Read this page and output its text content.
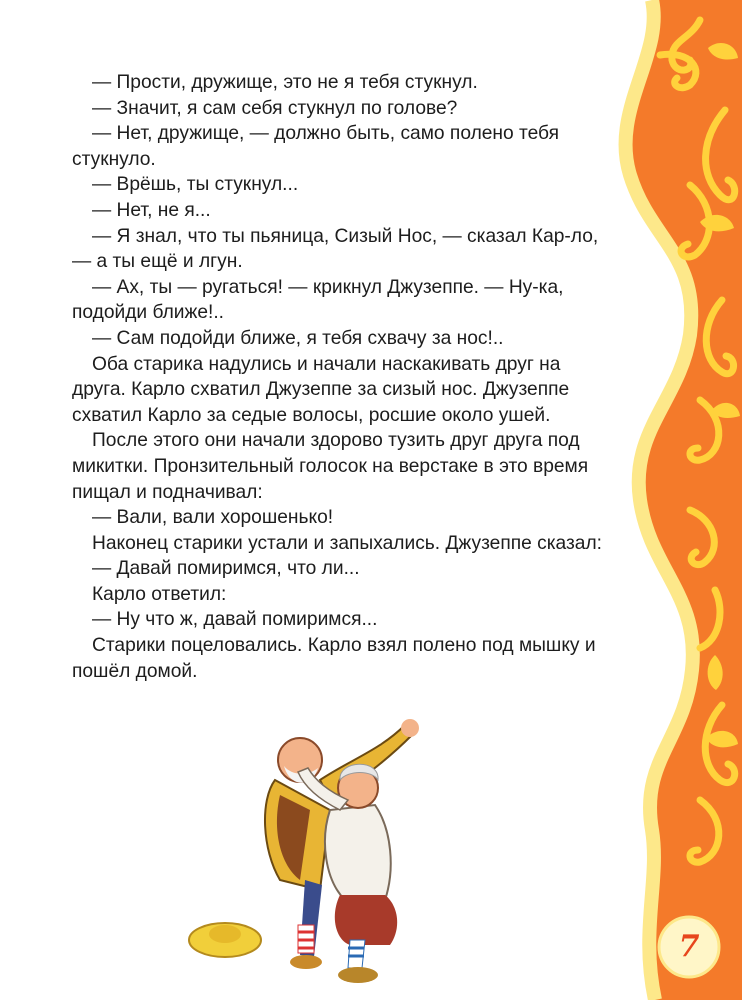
— Прости, дружище, это не я тебя стукнул.

— Значит, я сам себя стукнул по голове?

— Нет, дружище, — должно быть, само полено тебя стукнуло.

— Врёшь, ты стукнул...

— Нет, не я...

— Я знал, что ты пьяница, Сизый Нос, — сказал Кар-ло, — а ты ещё и лгун.

— Ах, ты — ругаться! — крикнул Джузеппе. — Ну-ка, подойди ближе!..

— Сам подойди ближе, я тебя схвачу за нос!..

Оба старика надулись и начали наскакивать друг на друга. Карло схватил Джузеппе за сизый нос. Джузеппе схватил Карло за седые волосы, росшие около ушей.

После этого они начали здорово тузить друг друга под микитки. Пронзительный голосок на верстаке в это время пищал и подначивал:

— Вали, вали хорошенько!

Наконец старики устали и запыхались. Джузеппе сказал:

— Давай помиримся, что ли...

Карло ответил:

— Ну что ж, давай помиримся...

Старики поцеловались. Карло взял полено под мышку и пошёл домой.

7
